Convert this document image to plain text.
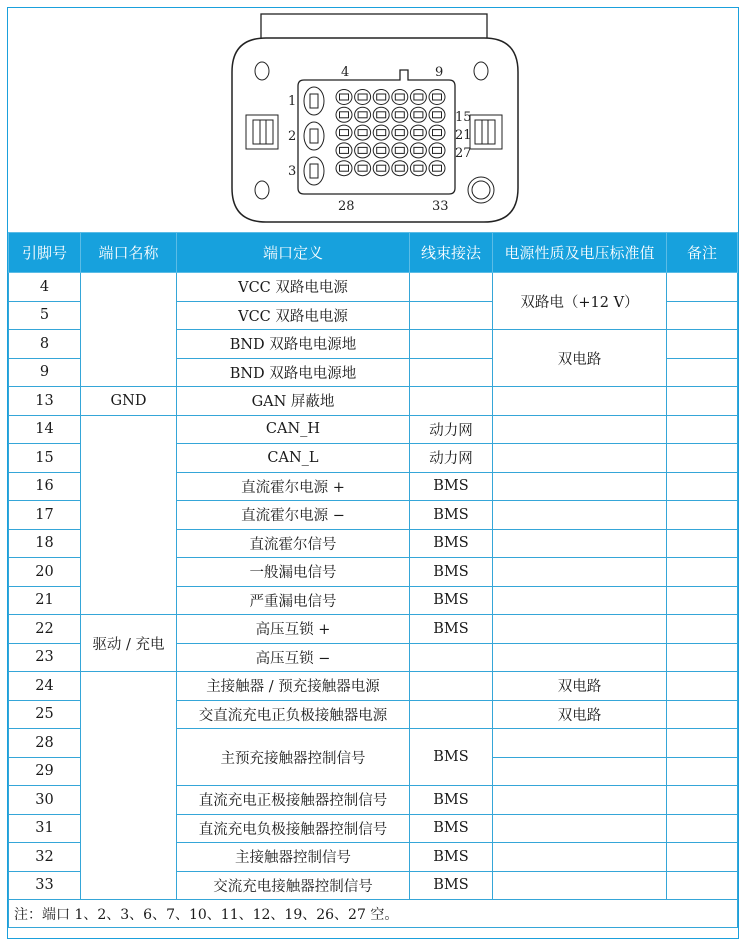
4	9
1
2
3
15
21
27
28	33
引脚号	端口名称	端口定义	线束接法	电源性质及电压标准值	备注
4		VCC 双路电电源		双路电（+12 V）	
5		VCC 双路电电源			
8		BND 双路电电源地		双电路	
9		BND 双路电电源地			
13	GND	GAN 屏蔽地			
14		CAN_H	动力网		
15		CAN_L	动力网		
16		直流霍尔电源 +	BMS		
17		直流霍尔电源 −	BMS		
18		直流霍尔信号	BMS		
20		一般漏电信号	BMS		
21		严重漏电信号	BMS		
22	驱动 / 充电	高压互锁 +	BMS		
23		高压互锁 −			
24		主接触器 / 预充接触器电源		双电路	
25		交直流充电正负极接触器电源		双电路	
28		主预充接触器控制信号	BMS		
29					
30		直流充电正极接触器控制信号	BMS		
31		直流充电负极接触器控制信号	BMS		
32		主接触器控制信号	BMS		
33		交流充电接触器控制信号	BMS		
注：端口 1、2、3、6、7、10、11、12、19、26、27 空。					
